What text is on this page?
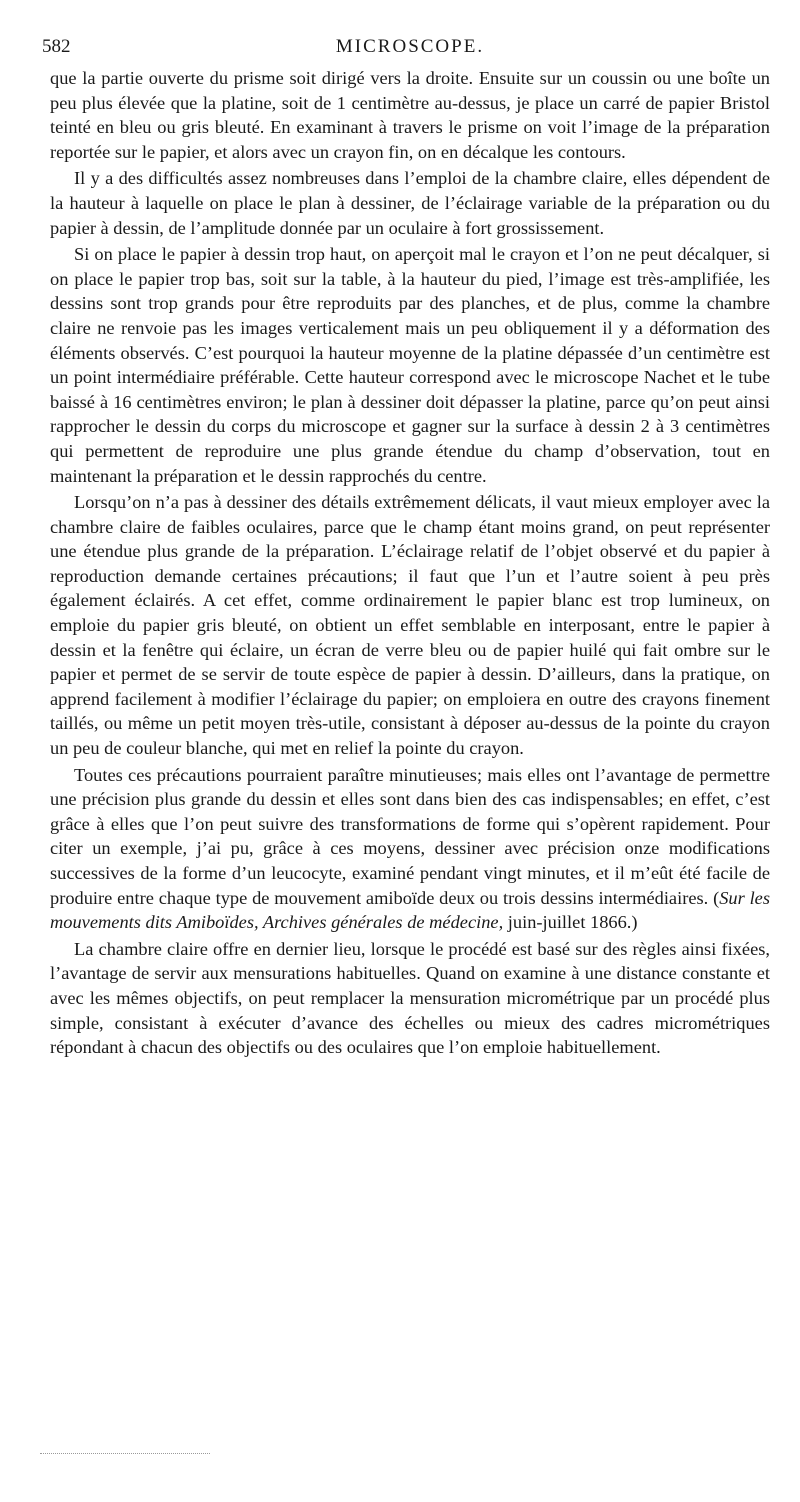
582	MICROSCOPE.

que la partie ouverte du prisme soit dirigé vers la droite. Ensuite sur un coussin ou une boîte un peu plus élevée que la platine, soit de 1 centimètre au-dessus, je place un carré de papier Bristol teinté en bleu ou gris bleuté. En examinant à travers le prisme on voit l’image de la préparation reportée sur le papier, et alors avec un crayon fin, on en décalque les contours.

Il y a des difficultés assez nombreuses dans l’emploi de la chambre claire, elles dépendent de la hauteur à laquelle on place le plan à dessiner, de l’éclairage variable de la préparation ou du papier à dessin, de l’amplitude donnée par un oculaire à fort grossissement.

Si on place le papier à dessin trop haut, on aperçoit mal le crayon et l’on ne peut décalquer, si on place le papier trop bas, soit sur la table, à la hauteur du pied, l’image est très-amplifiée, les dessins sont trop grands pour être reproduits par des planches, et de plus, comme la chambre claire ne renvoie pas les images verticalement mais un peu obliquement il y a déformation des éléments observés. C’est pourquoi la hauteur moyenne de la platine dépassée d’un centimètre est un point intermédiaire préférable. Cette hauteur correspond avec le microscope Nachet et le tube baissé à 16 centimètres environ; le plan à dessiner doit dépasser la platine, parce qu’on peut ainsi rapprocher le dessin du corps du microscope et gagner sur la surface à dessin 2 à 3 centimètres qui permettent de reproduire une plus grande étendue du champ d’observation, tout en maintenant la préparation et le dessin rapprochés du centre.

Lorsqu’on n’a pas à dessiner des détails extrêmement délicats, il vaut mieux employer avec la chambre claire de faibles oculaires, parce que le champ étant moins grand, on peut représenter une étendue plus grande de la préparation. L’éclairage relatif de l’objet observé et du papier à reproduction demande certaines précautions; il faut que l’un et l’autre soient à peu près également éclairés. A cet effet, comme ordinairement le papier blanc est trop lumineux, on emploie du papier gris bleuté, on obtient un effet semblable en interposant, entre le papier à dessin et la fenêtre qui éclaire, un écran de verre bleu ou de papier huilé qui fait ombre sur le papier et permet de se servir de toute espèce de papier à dessin. D’ailleurs, dans la pratique, on apprend facilement à modifier l’éclairage du papier; on emploiera en outre des crayons finement taillés, ou même un petit moyen très-utile, consistant à déposer au-dessus de la pointe du crayon un peu de couleur blanche, qui met en relief la pointe du crayon.

Toutes ces précautions pourraient paraître minutieuses; mais elles ont l’avantage de permettre une précision plus grande du dessin et elles sont dans bien des cas indispensables; en effet, c’est grâce à elles que l’on peut suivre des transformations de forme qui s’opèrent rapidement. Pour citer un exemple, j’ai pu, grâce à ces moyens, dessiner avec précision onze modifications successives de la forme d’un leucocyte, examiné pendant vingt minutes, et il m’eût été facile de produire entre chaque type de mouvement amiboïde deux ou trois dessins intermédiaires. (Sur les mouvements dits Amiboïdes, Archives générales de médecine, juin-juillet 1866.)

La chambre claire offre en dernier lieu, lorsque le procédé est basé sur des règles ainsi fixées, l’avantage de servir aux mensurations habituelles. Quand on examine à une distance constante et avec les mêmes objectifs, on peut remplacer la mensuration micrométrique par un procédé plus simple, consistant à exécuter d’avance des échelles ou mieux des cadres micrométriques répondant à chacun des objectifs ou des oculaires que l’on emploie habituellement.
